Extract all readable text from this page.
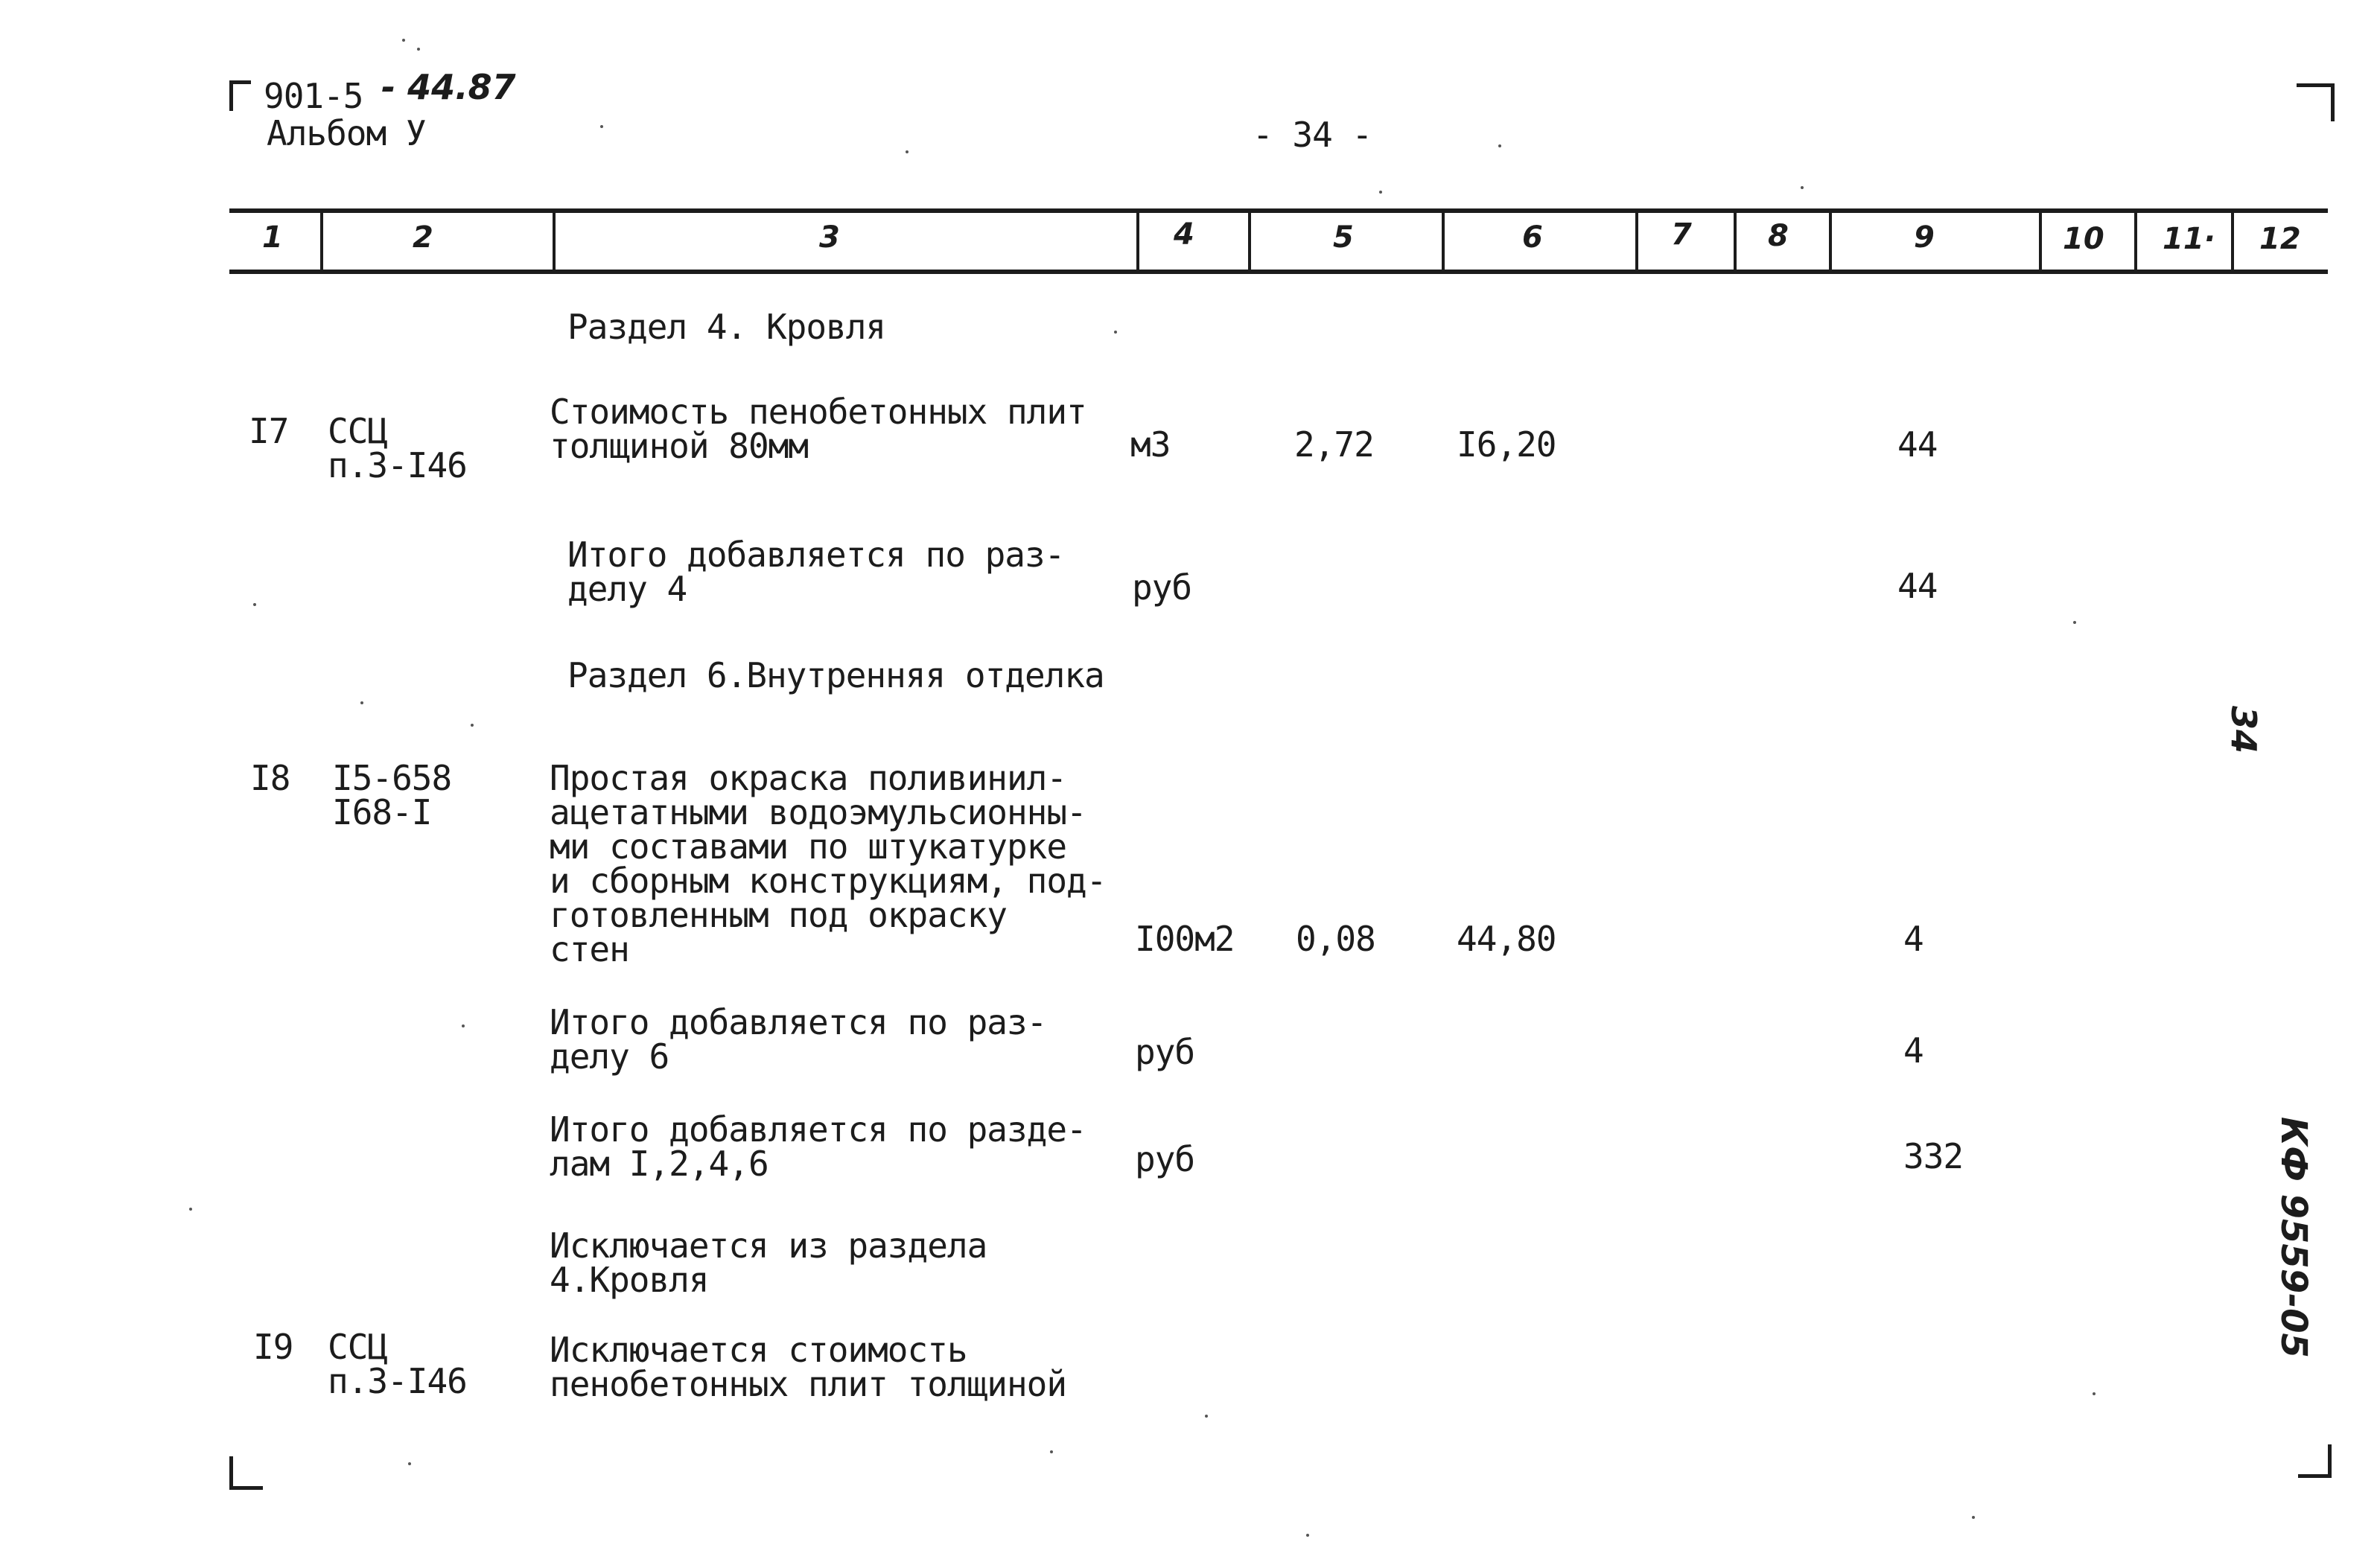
901-5 - 44.87
Альбом У	- 34 -
1	2	3	4	5	6	7	8	9	10 11· 12
Раздел 4. Кровля
I7 ССЦ
п.3-I46
Стоимость пенобетонных плит
толщиной 80мм	м3	2,72 I6,20	44
Итого добавляется по раз-
делу 4	руб	44
Раздел 6.Внутренняя отделка
I8 I5-658
I68-I
Простая окраска поливинил-
ацетатными водоэмульсионны-
ми составами по штукатурке
и сборным конструкциям, под-
готовленным под окраску
стен	I00м2 0,08 44,80	4
Итого добавляется по раз-
делу 6	руб	4
Итого добавляется по разде-
лам I,2,4,6	руб	332
Исключается из раздела
4.Кровля
I9 ССЦ
п.3-I46
Исключается стоимость
пенобетонных плит толщиной
34
КФ 9559-05
